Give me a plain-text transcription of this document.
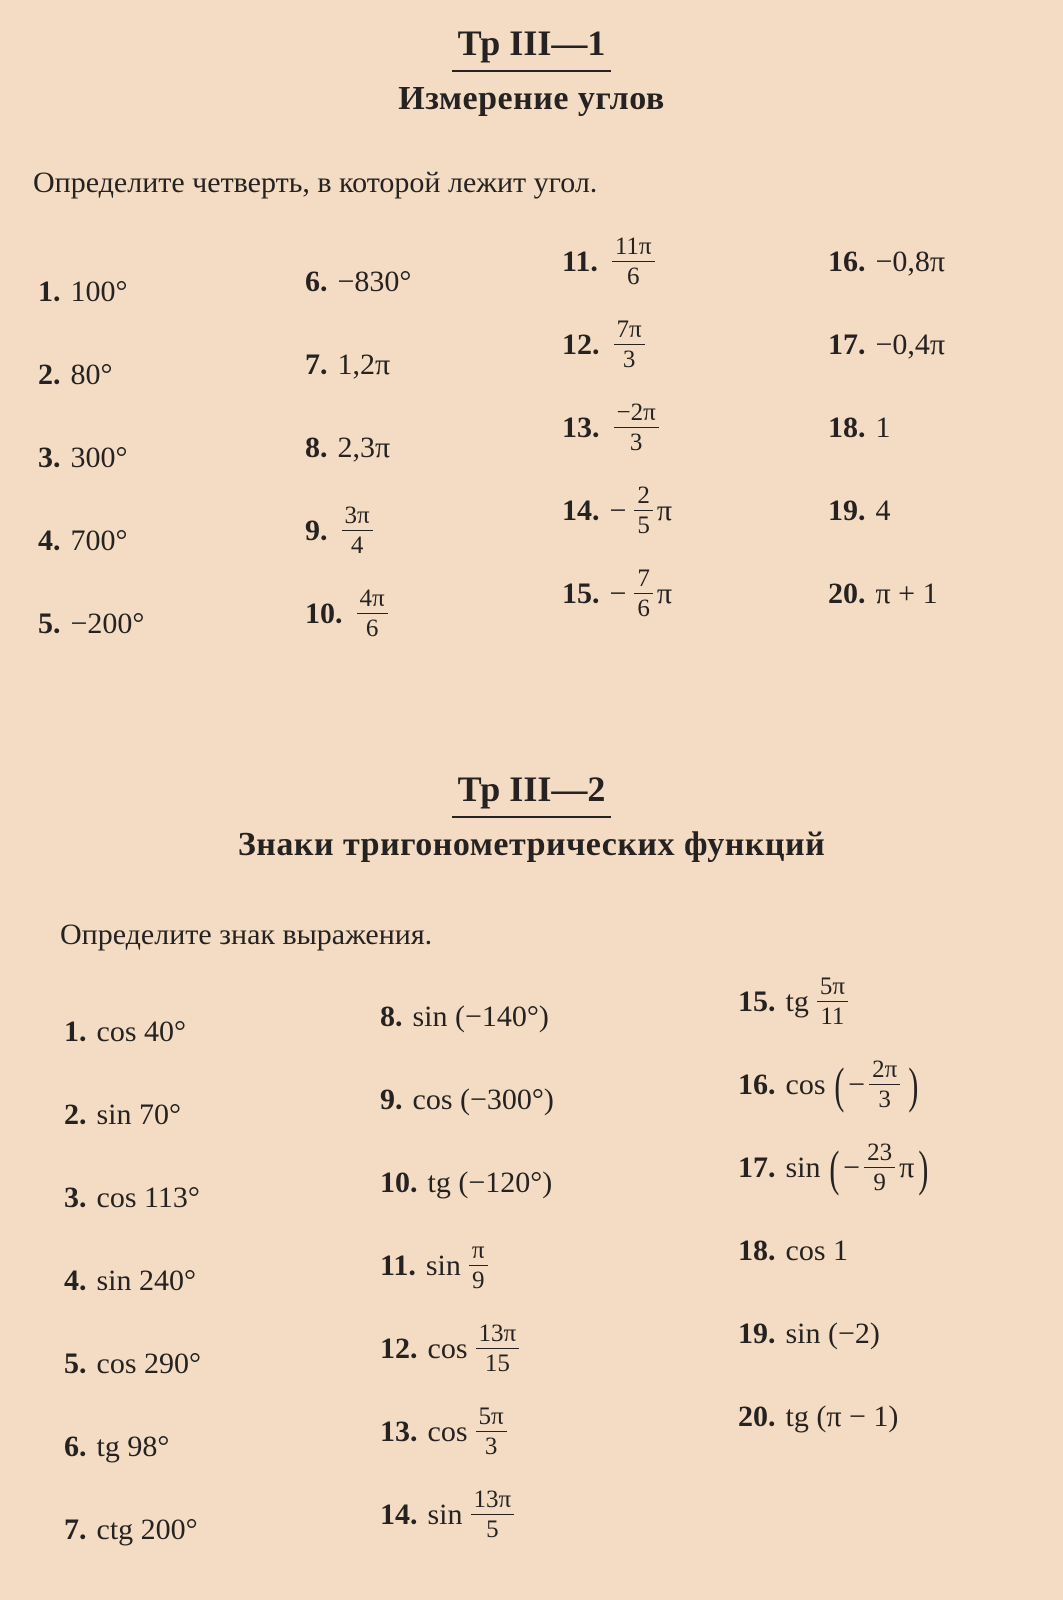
Тр III—1
Измерение углов
Определите четверть, в которой лежит угол.
1. 100°
2. 80°
3. 300°
4. 700°
5. −200°
6. −830°
7. 1,2π
8. 2,3π
9. $\frac{3\pi}{4}$
10. $\frac{4\pi}{6}$
11. $\frac{11\pi}{6}$
12. $\frac{7\pi}{3}$
13. $\frac{-2\pi}{3}$
14. − $\frac{2}{5}$ π
15. − $\frac{7}{6}$ π
16. −0,8π
17. −0,4π
18. 1
19. 4
20. π + 1
Тр III—2
Знаки тригонометрических функций
Определите знак выражения.
1. cos 40°
2. sin 70°
3. cos 113°
4. sin 240°
5. cos 290°
6. tg 98°
7. ctg 200°
8. sin (−140°)
9. cos (−300°)
10. tg (−120°)
11. $\sin \frac{\pi}{9}$
12. $\cos \frac{13\pi}{15}$
13. $\cos \frac{5\pi}{3}$
14. $\sin \frac{13\pi}{5}$
15. tg $\frac{5\pi}{11}$
16. cos ( − $\frac{2\pi}{3}$ )
17. sin ( − $\frac{23}{9}$ π )
18. cos 1
19. sin (−2)
20. tg (π − 1)
